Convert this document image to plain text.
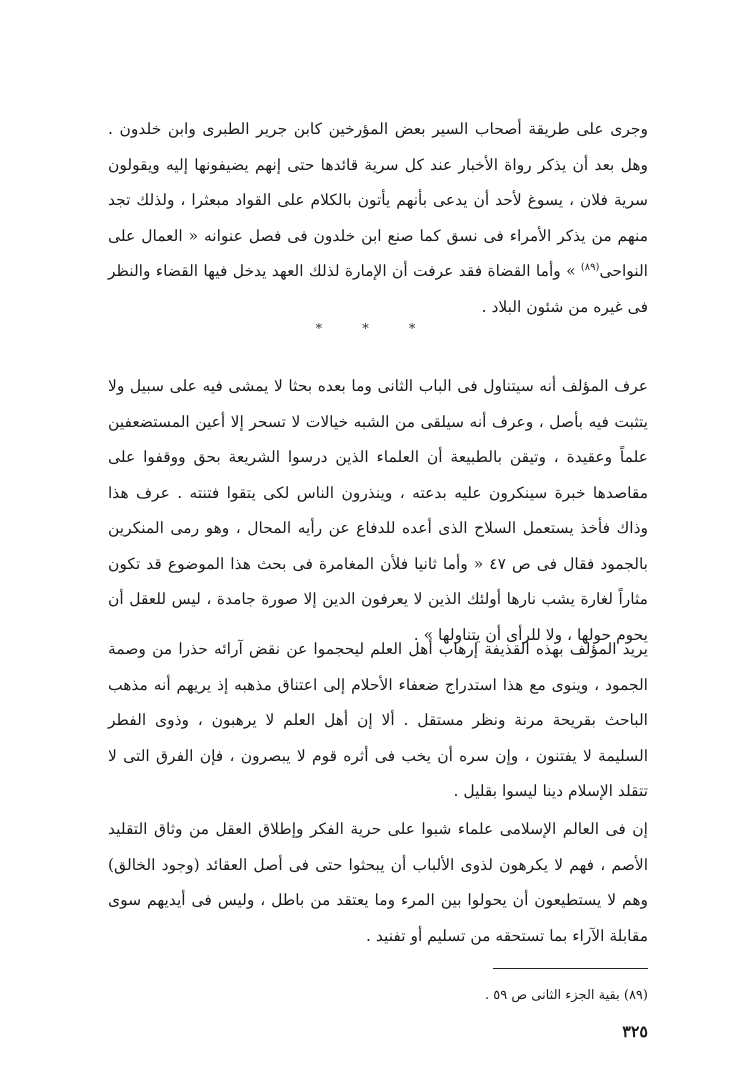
وجرى على طريقة أصحاب السير بعض المؤرخين كابن جرير الطبرى وابن خلدون . وهل بعد أن يذكر رواة الأخبار عند كل سرية قائدها حتى إنهم يضيفونها إليه ويقولون سرية فلان ، يسوغ لأحد أن يدعى بأنهم يأتون بالكلام على القواد مبعثرا ، ولذلك تجد منهم من يذكر الأمراء فى نسق كما صنع ابن خلدون فى فصل عنوانه « العمال على النواحى$^{(٨٩)}$ » وأما القضاة فقد عرفت أن الإمارة لذلك العهد يدخل فيها القضاء والنظر فى غيره من شئون البلاد .

* * *

عرف المؤلف أنه سيتناول فى الباب الثانى وما بعده بحثا لا يمشى فيه على سبيل ولا يتثبت فيه بأصل ، وعرف أنه سيلقى من الشبه خيالات لا تسحر إلا أعين المستضعفين علماً وعقيدة ، وتيقن بالطبيعة أن العلماء الذين درسوا الشريعة بحق ووقفوا على مقاصدها خبرة سينكرون عليه بدعته ، وينذرون الناس لكى يتقوا فتنته . عرف هذا وذاك فأخذ يستعمل السلاح الذى أعده للدفاع عن رأيه المحال ، وهو رمى المنكرين بالجمود فقال فى ص ٤٧ « وأما ثانيا فلأن المغامرة فى بحث هذا الموضوع قد تكون مثاراً لغارة يشب نارها أولئك الذين لا يعرفون الدين إلا صورة جامدة ، ليس للعقل أن يحوم حولها ، ولا للرأى أن يتناولها » .

يريد المؤلف بهذه القذيفة إرهاب أهل العلم ليحجموا عن نقض آرائه حذرا من وصمة الجمود ، وينوى مع هذا استدراج ضعفاء الأحلام إلى اعتناق مذهبه إذ يريهم أنه مذهب الباحث بقريحة مرنة ونظر مستقل . ألا إن أهل العلم لا يرهبون ، وذوى الفطر السليمة لا يفتنون ، وإن سره أن يخب فى أثره قوم لا يبصرون ، فإن الفرق التى لا تتقلد الإسلام دينا ليسوا بقليل .

إن فى العالم الإسلامى علماء شبوا على حرية الفكر وإطلاق العقل من وثاق التقليد الأصم ، فهم لا يكرهون لذوى الألباب أن يبحثوا حتى فى أصل العقائد (وجود الخالق) وهم لا يستطيعون أن يحولوا بين المرء وما يعتقد من باطل ، وليس فى أيديهم سوى مقابلة الآراء بما تستحقه من تسليم أو تفنيد .

(٨٩) بقية الجزء الثانى ص ٥٩ .
٣٢٥
